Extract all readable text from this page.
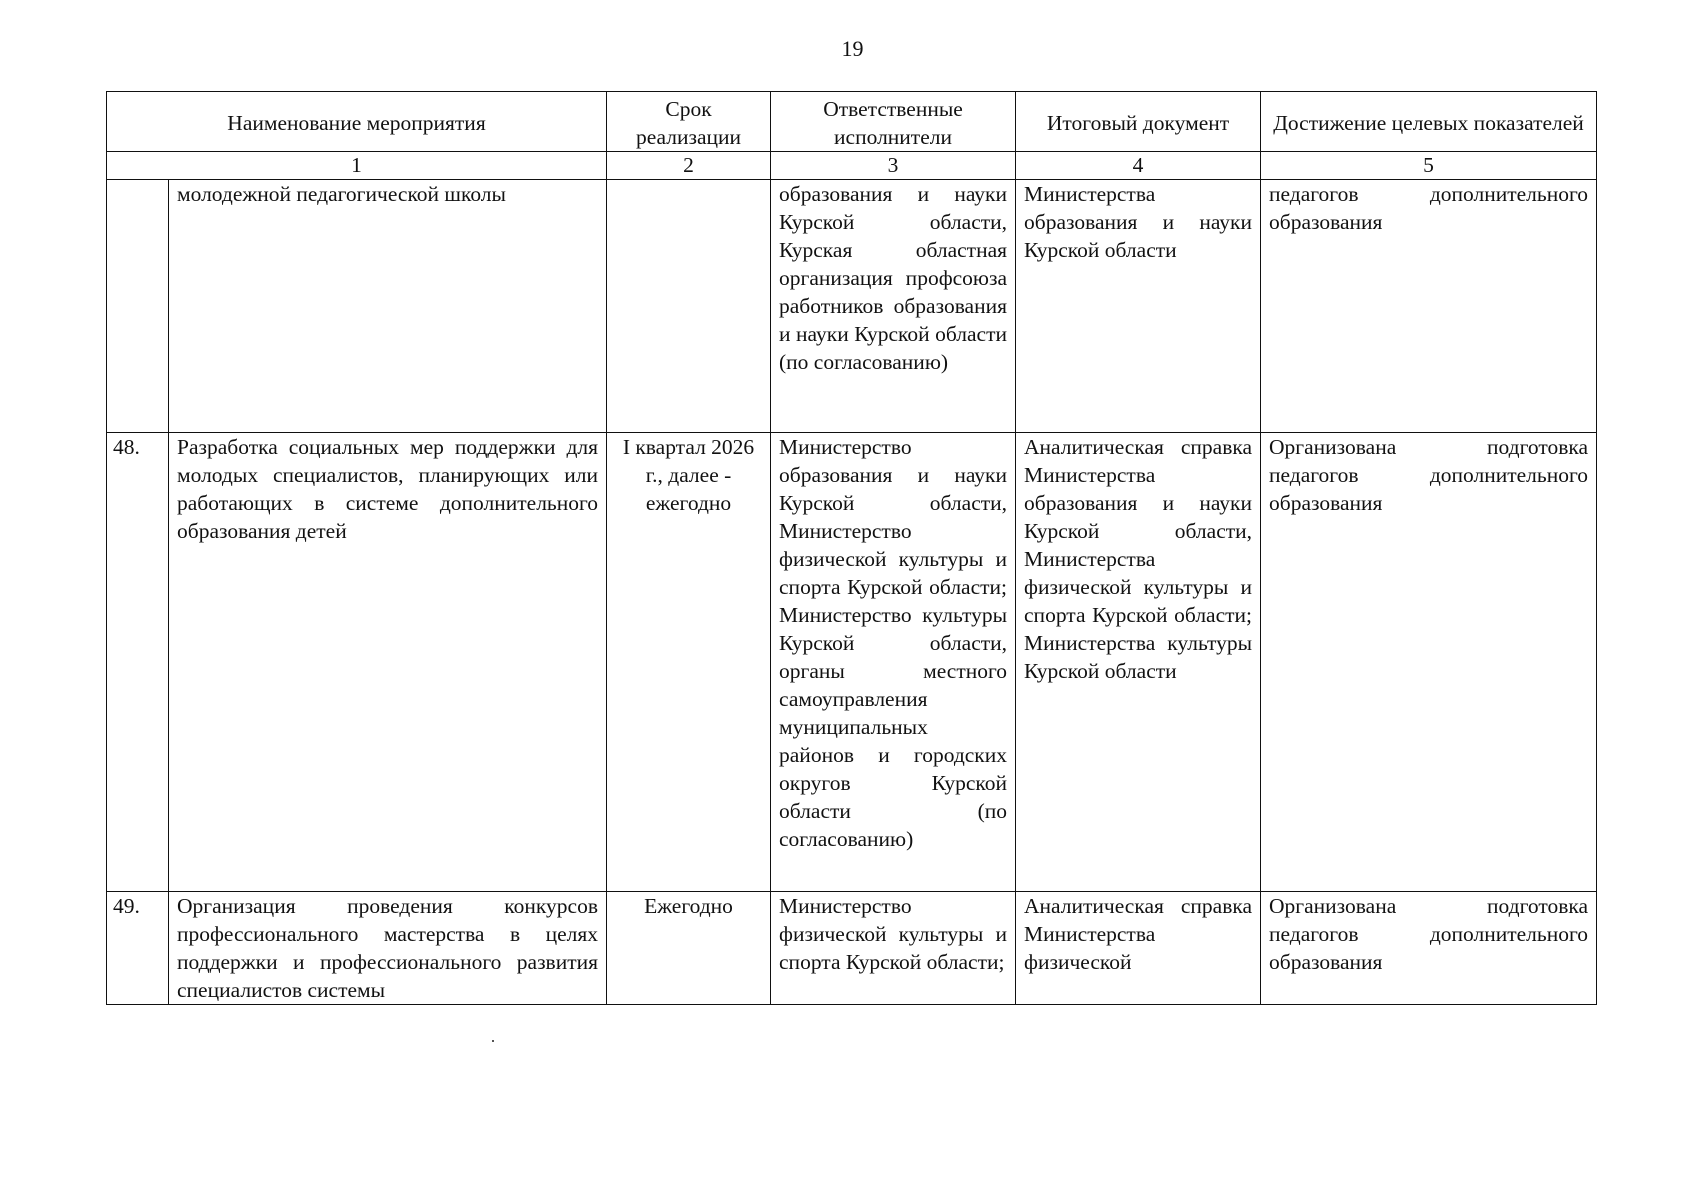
19
Наименование мероприятия		Срок реализации	Ответственные исполнители	Итоговый документ	Достижение целевых показателей
1		2	3	4	5
	молодежной педагогической школы		образования и науки Курской области, Курская областная организация профсоюза работников образования и науки Курской области (по согласованию)	Министерства образования и науки Курской области	педагогов дополнительного образования
48.	Разработка социальных мер поддержки для молодых специалистов, планирующих или работающих в системе дополнительного образования детей	I квартал 2026 г., далее - ежегодно	Министерство образования и науки Курской области, Министерство физической культуры и спорта Курской области; Министерство культуры Курской области, органы местного самоуправления муниципальных районов и городских округов Курской области (по согласованию)	Аналитическая справка Министерства образования и науки Курской области, Министерства физической культуры и спорта Курской области; Министерства культуры Курской области	Организована подготовка педагогов дополнительного образования
49.	Организация проведения конкурсов профессионального мастерства в целях поддержки и профессионального развития специалистов системы	Ежегодно	Министерство физической культуры и спорта Курской области;	Аналитическая справка Министерства физической	Организована подготовка педагогов дополнительного образования
